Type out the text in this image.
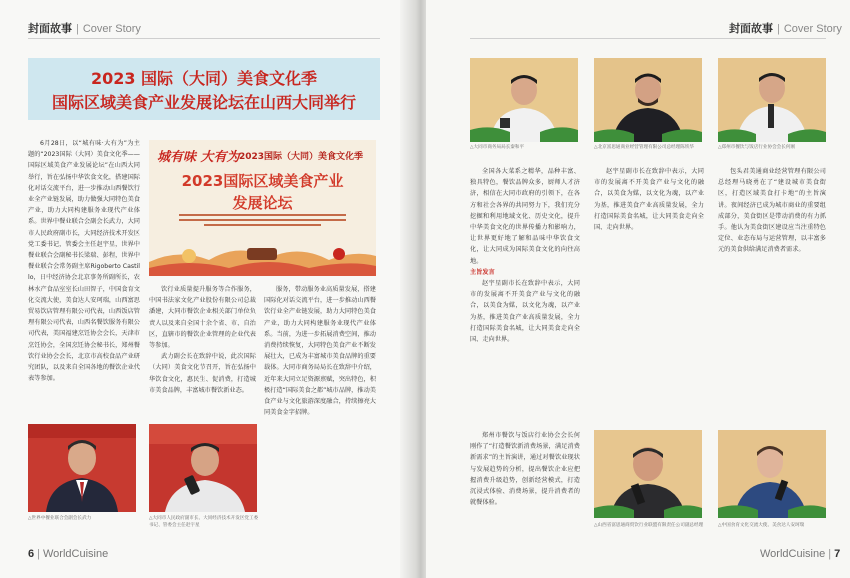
封面故事 | Cover Story
2023 国际（大同）美食文化季
国际区域美食产业发展论坛在山西大同举行

6月28日，以“城有味·大有为”为主题的“2023国际（大同）美食文化季——国际区域美食产业发展论坛”在山西大同举行，旨在弘扬中华饮食文化，搭建国际化对话交流平台，进一步推动山西餐饮行业全产业链发展，助力做强大同特色美食产业，助力大同构建服务业现代产业体系。世界中餐业联合会副会长武力，大同市人民政府副市长，大同经济技术开发区党工委书记，管委会主任赵宇星，世界中餐业联合会副秘书长梁瑞、彭程，世界中餐业联合会常务副主席Rigoberto Castillo，日中经济协会北京事务所副所长，农林水产食品室室长山田智子，中国食育文化交流大使，美食达人安珂瑞，山西富思贸易饮店管理有限公司代表，山西饭店管理有限公司代表，山西名餐饮服务有限公司代表，美国福建烹饪协会会长，天津市烹饪协会，全国烹饪协会秘书长，郑州餐饮行业协会会长，北京市高校食品产业研究团队，以及来自全国各地的餐饮企业代表等参加。

城有味 大有为 2023国际（大同）美食文化季
2023国际区域美食产业
发展论坛

饮行业质量提升服务等合作服务，中国书法家文化产业股份有限公司总裁潘建，大同市餐饮企业相关部门单位负责人以及来自全国十余个省、市、自治区，直辖市的餐饮企业管理的企业代表等参加。

武力副会长在致辞中说，此次国际（大同）美食文化节召开，旨在弘扬中华饮食文化，惠民生、促消费，打造城市美食品牌，丰富城市餐饮新业态。

服务，带动服务业高质量发展，搭建国际化对话交流平台，进一步推动山西餐饮行业全产业链发展，助力大同特色美食产业，助力大同构建服务业现代产业体系。当前，为进一步拓展消费空间，推动消费持续恢复，大同特色美食产业不断发展壮大，已成为丰富城市美食品牌的重要载体。大同市商务局局长在致辞中介绍，近年来大同立足资源禀赋，突出特色，积极打造“国际美食之都”城市品牌，推动美食产业与文化旅游深度融合，持续擦亮大同美食金字招牌。

△世界中餐业联合会副会长武力	△大同市人民政府副市长、大同经济技术开发区党工委书记、管委会主任赵宇星
6 | WorldCuisine
封面故事 | Cover Story
△大同市商务局局长秦和平	△北京富思通商业经营管理有限公司总经理陈铁华	△郑州市餐饮与饭店行业协会会长何刚

全国各大菜系之精华，品种丰富、独具特色，餐饮品牌众多，厨师人才济济，相信在大同市政府的引领下，在各方和社会各界的共同努力下，我们充分挖掘和利用地域文化、历史文化，提升中华美食文化的世界传播力和影响力，让世界更好地了解和品味中华饮食文化，让大同成为国际美食文化的向往高地。

主旨发言

赵宇星副市长在致辞中表示，大同市的发展离不开美食产业与文化的融合，以美食为媒，以文化为魂，以产业为基，推进美食产业高质量发展，全力打造国际美食名城，让大同美食走向全国、走向世界。

郑州市餐饮与饭店行业协会会长何刚作了“打造餐饮新消费场景，满足消费新需求”的主旨演讲，通过对餐饮业现状与发展趋势的分析，提出餐饮企业应把握消费升级趋势，创新经营模式，打造沉浸式体验、消费场景，提升消费者的就餐体验。

赵宇星副市长在致辞中表示，大同市的发展离不开美食产业与文化的融合，以美食为媒，以文化为魂，以产业为基，推进美食产业高质量发展，全力打造国际美食名城，让大同美食走向全国、走向世界。

包头君美通商业经营管理有限公司总经理马晓勇在了“建设城市美食街区，打造区域美食打卡地”的主旨演讲。夜间经济已成为城市商业的重要组成部分，美食街区是带动消费的有力抓手。他认为美食街区建设应当注重特色定位、业态布局与运营管理，以丰富多元的美食供给满足消费者需求。

△山西省富思通商贸饮行业联盟有限责任公司副总经理	△中国食育文化交流大使、美食达人安珂瑞
WorldCuisine | 7
